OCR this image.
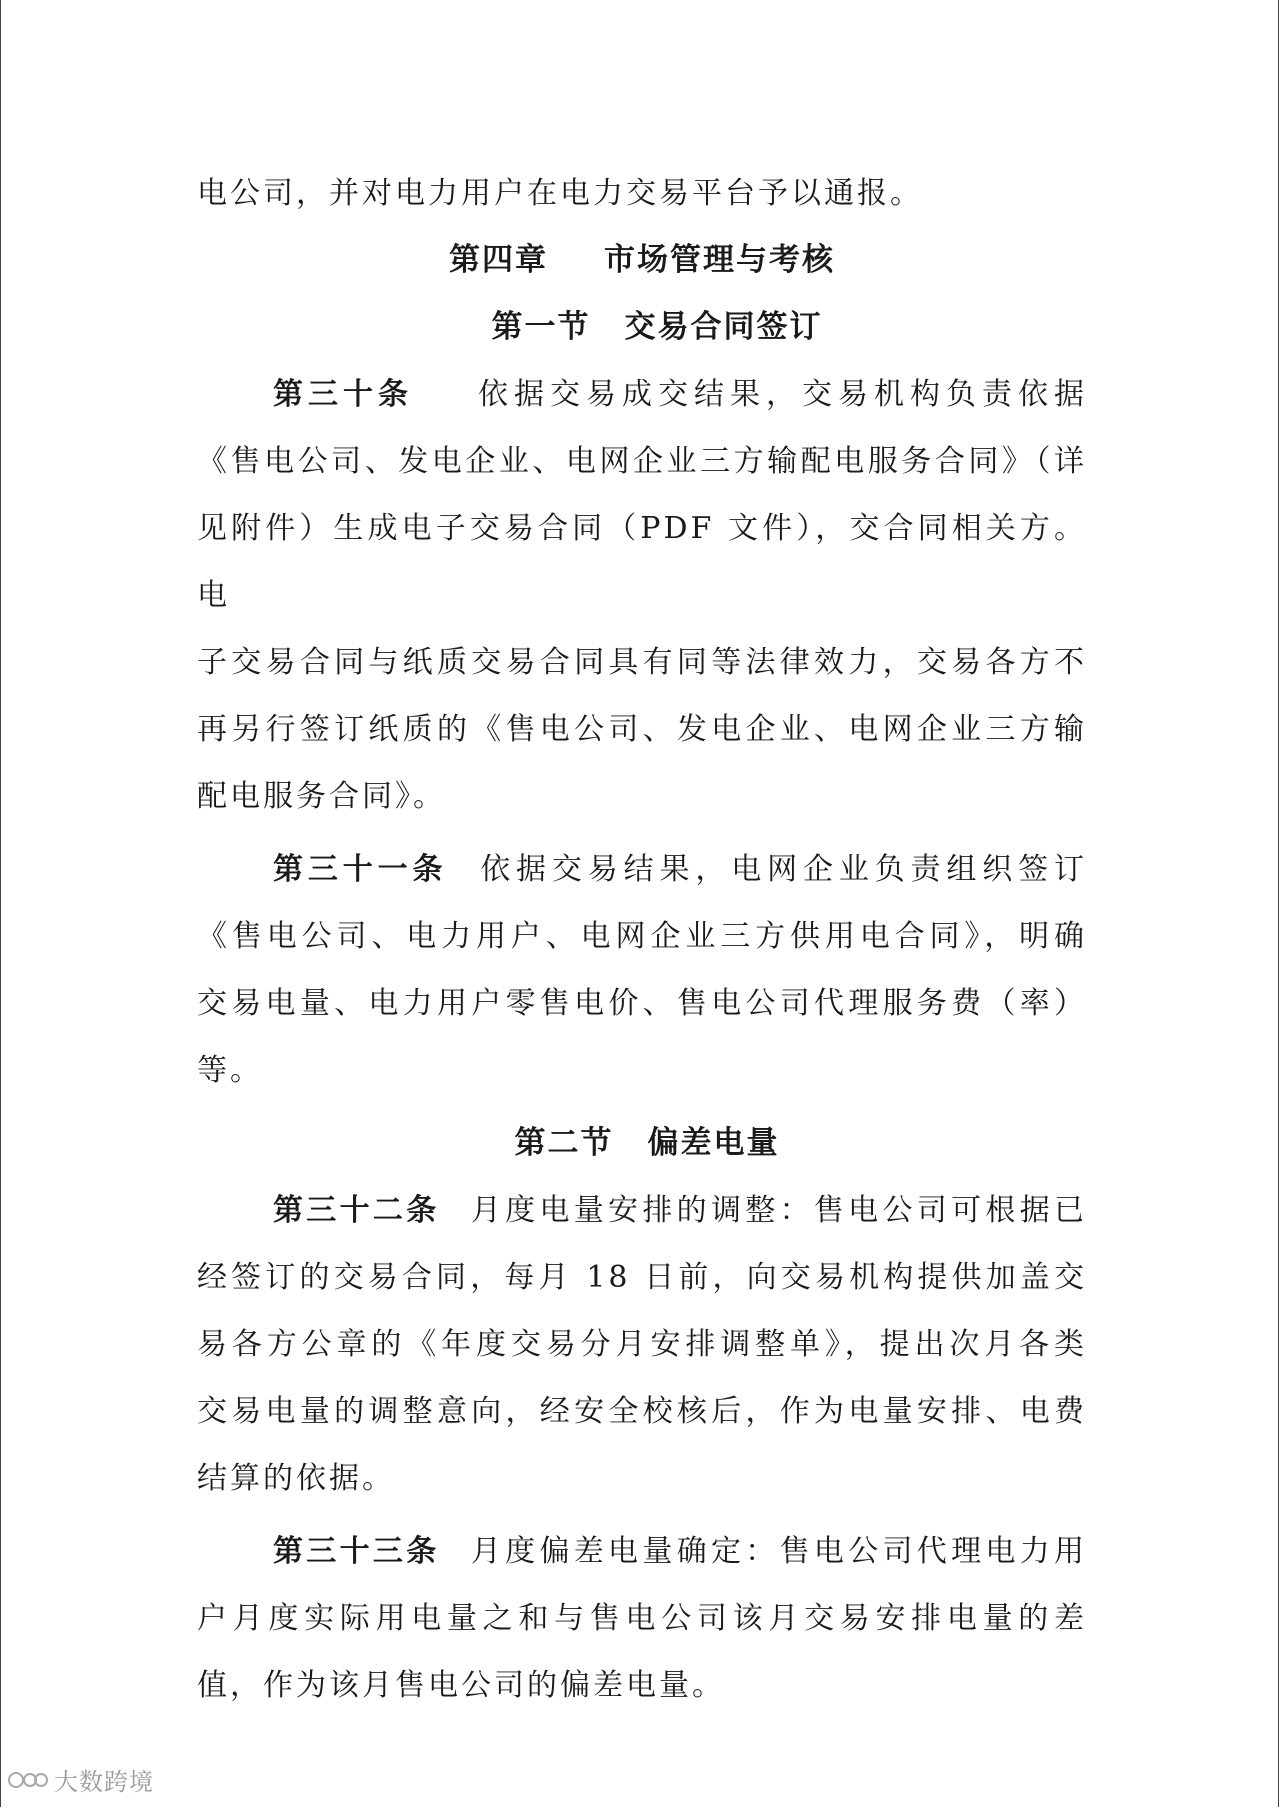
电公司，并对电力用户在电力交易平台予以通报。

第四章 市场管理与考核

第一节 交易合同签订

第三十条 依据交易成交结果，交易机构负责依据

《售电公司、发电企业、电网企业三方输配电服务合同》（详

见附件）生成电子交易合同（PDF 文件），交合同相关方。电

子交易合同与纸质交易合同具有同等法律效力，交易各方不

再另行签订纸质的《售电公司、发电企业、电网企业三方输

配电服务合同》。

第三十一条 依据交易结果，电网企业负责组织签订

《售电公司、电力用户、电网企业三方供用电合同》，明确

交易电量、电力用户零售电价、售电公司代理服务费（率）

等。

第二节 偏差电量

第三十二条 月度电量安排的调整：售电公司可根据已

经签订的交易合同，每月 18 日前，向交易机构提供加盖交

易各方公章的《年度交易分月安排调整单》，提出次月各类

交易电量的调整意向，经安全校核后，作为电量安排、电费

结算的依据。

第三十三条 月度偏差电量确定：售电公司代理电力用

户月度实际用电量之和与售电公司该月交易安排电量的差

值，作为该月售电公司的偏差电量。

大数跨境
